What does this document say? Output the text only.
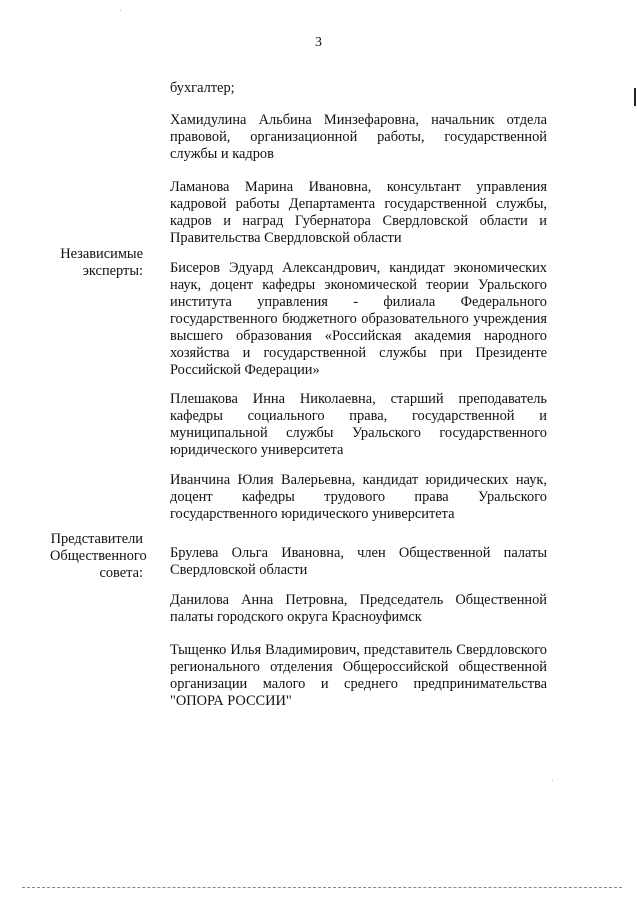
3

бухгалтер;

Хамидулина Альбина Минзефаровна, начальник отдела правовой, организационной работы, государственной службы и кадров

Ламанова Марина Ивановна, консультант управления кадровой работы Департамента государственной службы, кадров и наград Губернатора Свердловской области и Правительства Свердловской области

Независимые эксперты: Бисеров Эдуард Александрович, кандидат экономических наук, доцент кафедры экономической теории Уральского института управления - филиала Федерального государственного бюджетного образовательного учреждения высшего образования «Российская академия народного хозяйства и государственной службы при Президенте Российской Федерации»

Плешакова Инна Николаевна, старший преподаватель кафедры социального права, государственной и муниципальной службы Уральского государственного юридического университета

Иванчина Юлия Валерьевна, кандидат юридических наук, доцент кафедры трудового права Уральского государственного юридического университета

Представители Общественного совета:

Брулева Ольга Ивановна, член Общественной палаты Свердловской области

Данилова Анна Петровна, Председатель Общественной палаты городского округа Красноуфимск

Тыщенко Илья Владимирович, представитель Свердловского регионального отделения Общероссийской общественной организации малого и среднего предпринимательства "ОПОРА РОССИИ"
